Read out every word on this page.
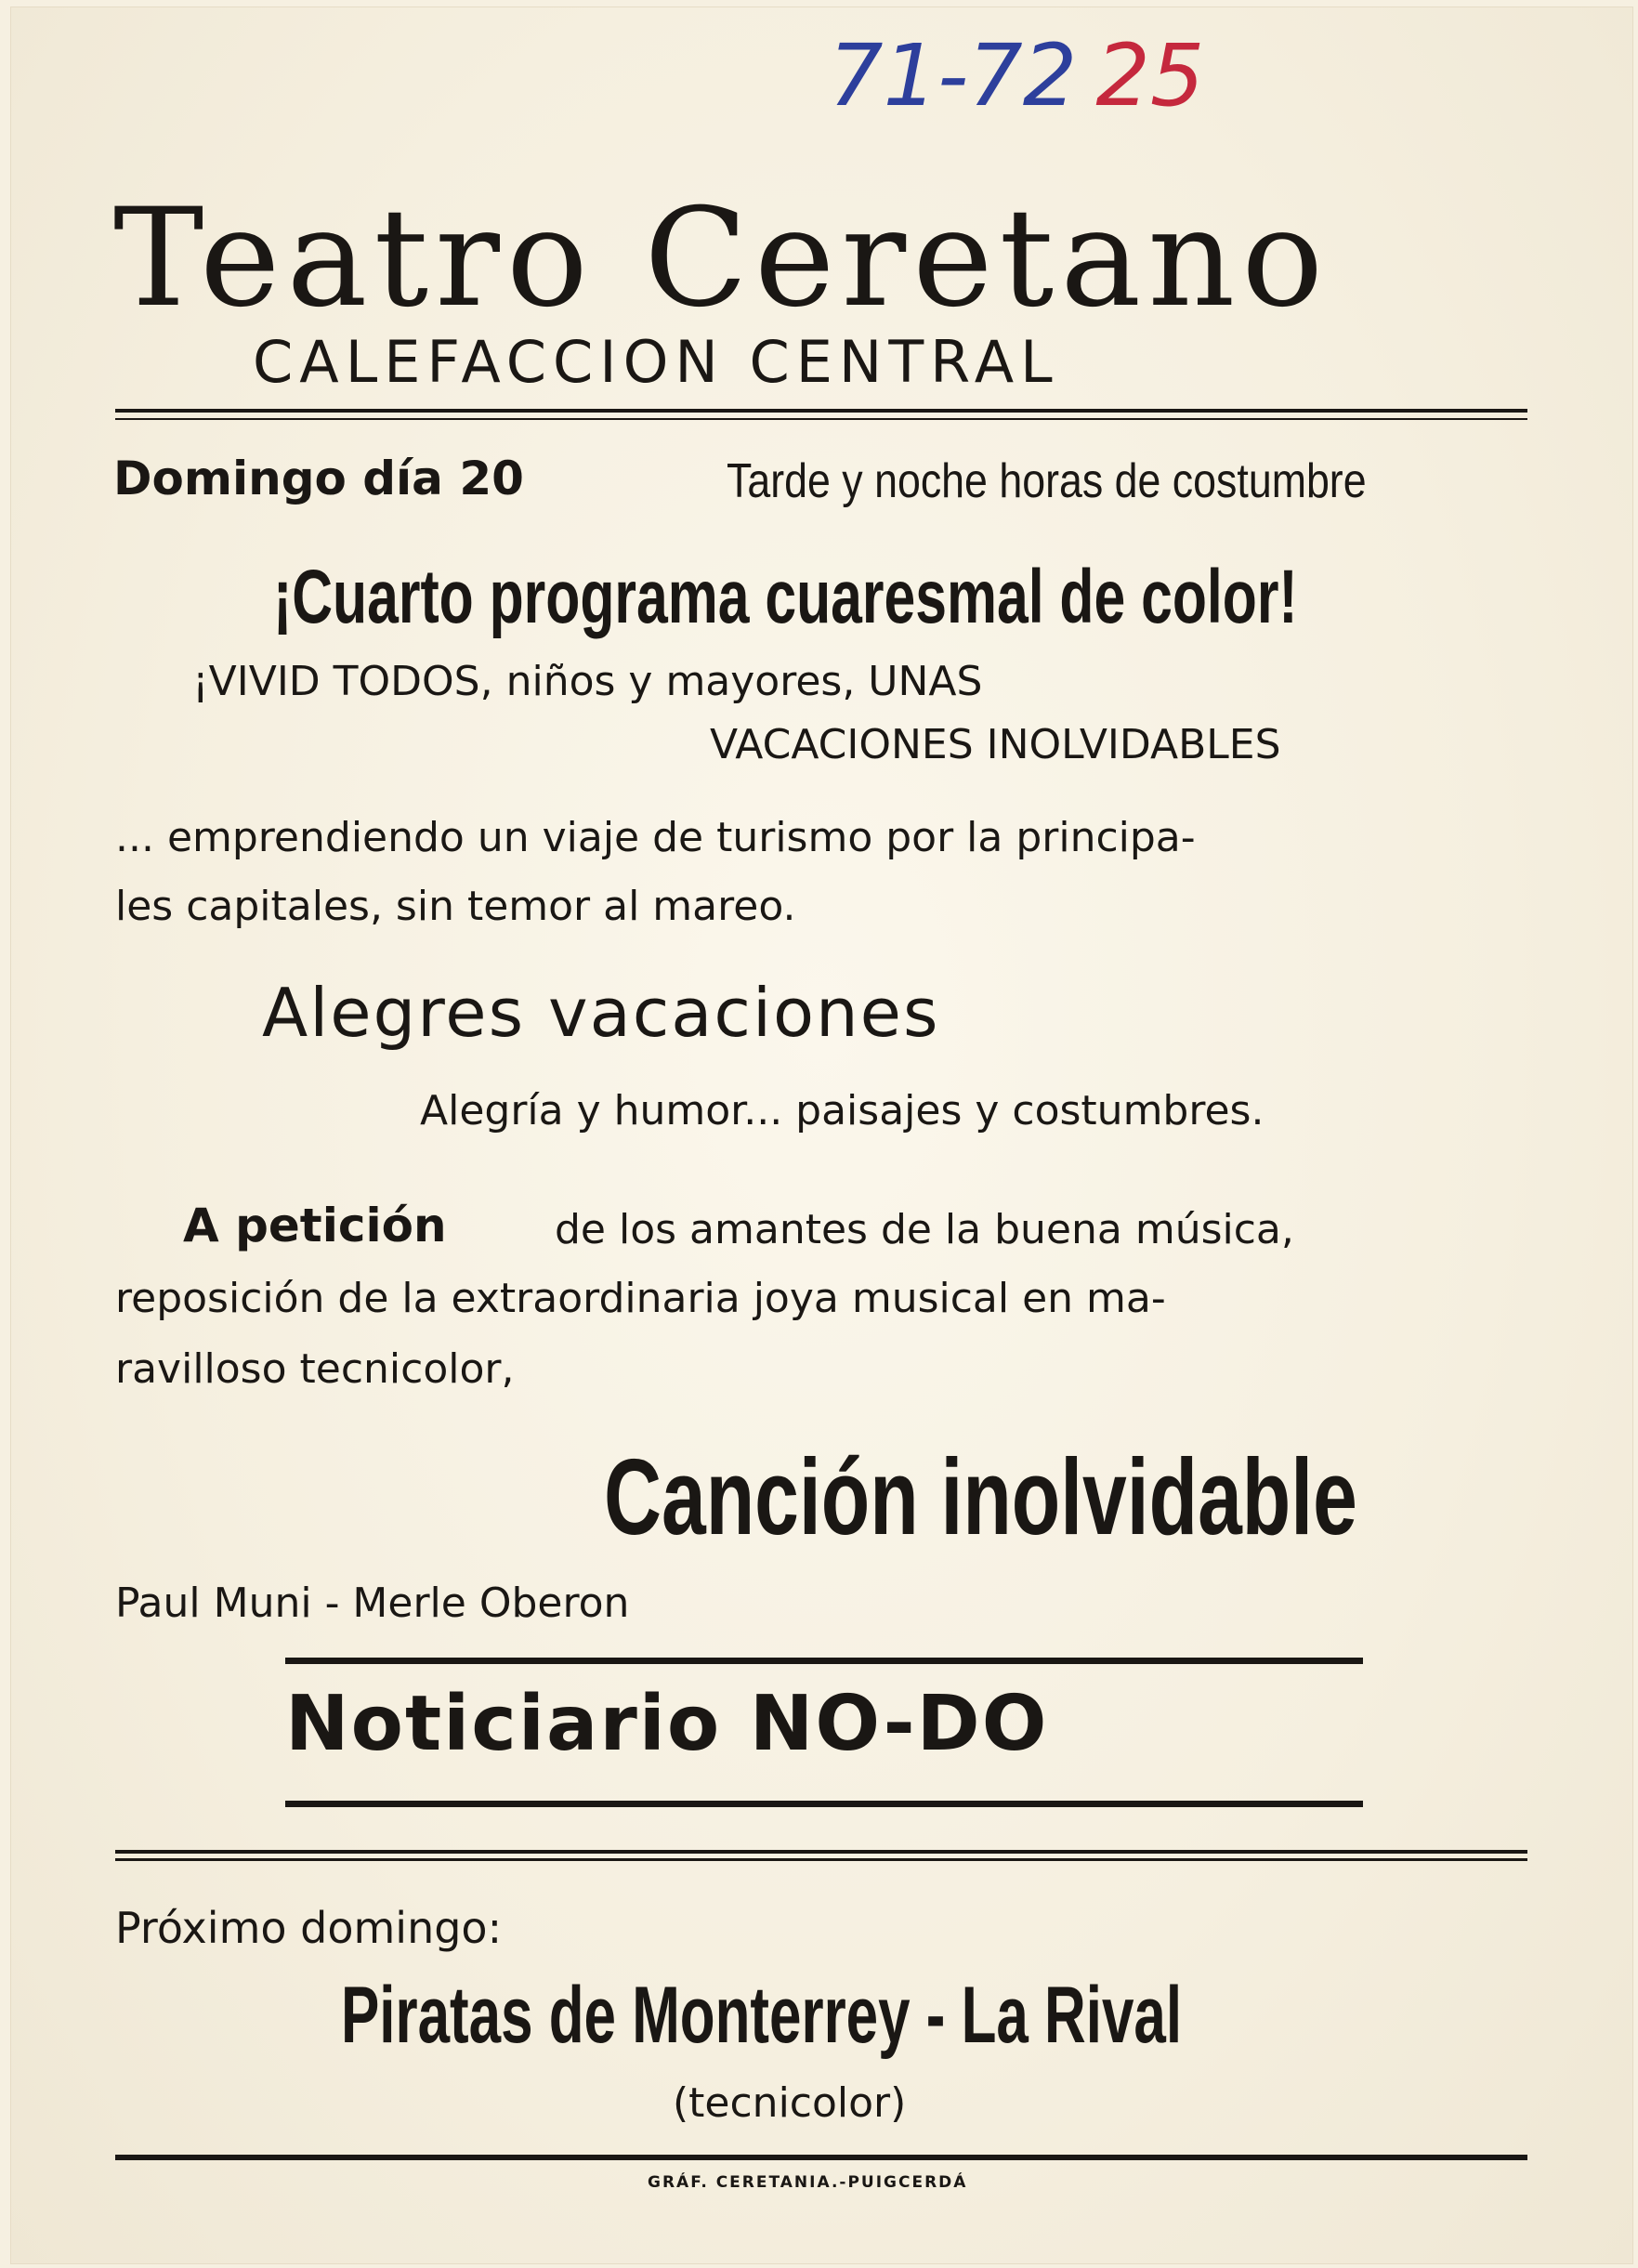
71-72 25
Teatro Ceretano
CALEFACCION CENTRAL
Domingo día 20	Tarde y noche horas de costumbre
¡Cuarto programa cuaresmal de color!
¡VIVID TODOS, niños y mayores, UNAS
VACACIONES INOLVIDABLES
... emprendiendo un viaje de turismo por la principa-
les capitales, sin temor al mareo.
Alegres vacaciones
Alegría y humor... paisajes y costumbres.
A petición	de los amantes de la buena música,
reposición de la extraordinaria joya musical en ma-
ravilloso tecnicolor,
Canción inolvidable
Paul Muni - Merle Oberon
Noticiario NO-DO
Próximo domingo:
Piratas de Monterrey - La Rival
(tecnicolor)
GRÁF. CERETANIA.-PUIGCERDÁ
